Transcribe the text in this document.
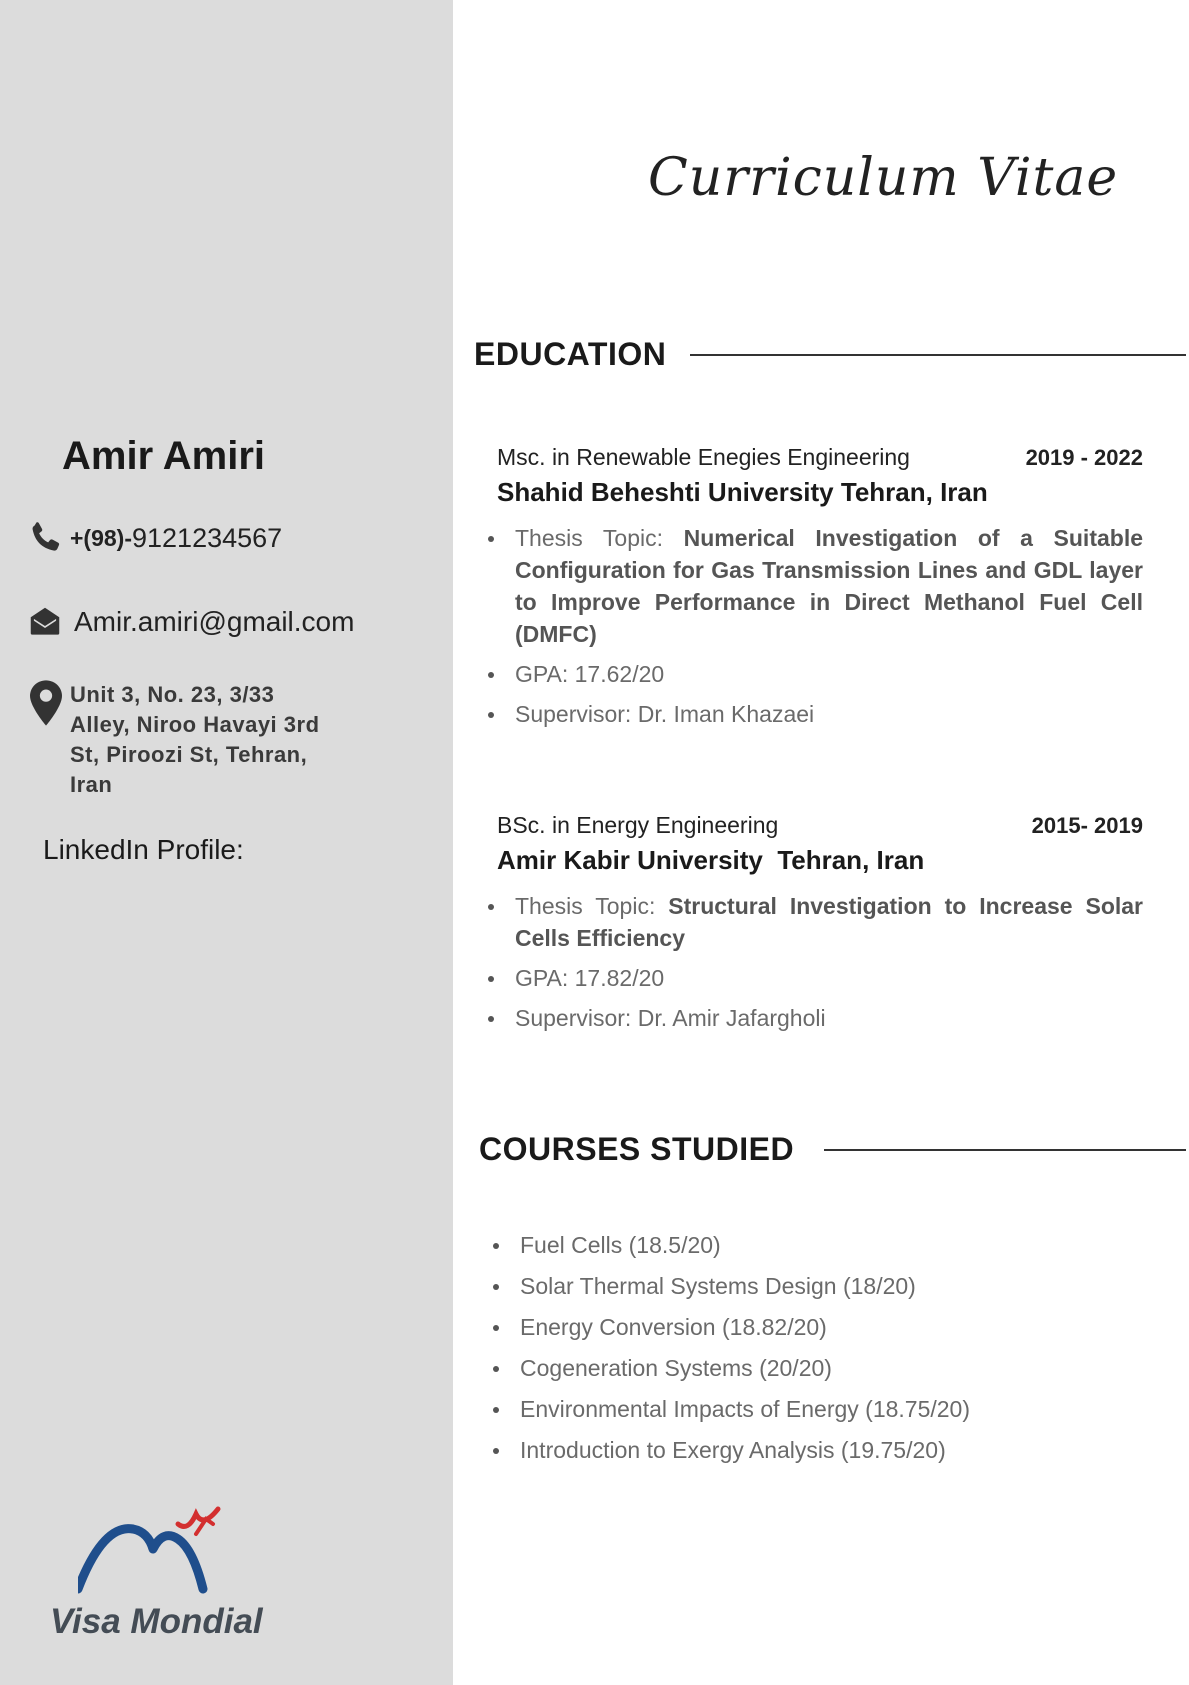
Amir Amiri
+(98)- 9121234567
Amir.amiri@gmail.com
Unit 3, No. 23, 3/33 Alley, Niroo Havayi 3rd St, Piroozi St, Tehran, Iran
LinkedIn Profile:
Visa Mondial
Curriculum Vitae
EDUCATION
Msc. in Renewable Enegies Engineering	2019 - 2022
Shahid Beheshti University Tehran, Iran
Thesis Topic: Numerical Investigation of a Suitable Configuration for Gas Transmission Lines and GDL layer to Improve Performance in Direct Methanol Fuel Cell (DMFC)
GPA: 17.62/20
Supervisor: Dr. Iman Khazaei
BSc. in Energy Engineering	2015- 2019
Amir Kabir University  Tehran, Iran
Thesis Topic: Structural Investigation to Increase Solar Cells Efficiency
GPA: 17.82/20
Supervisor: Dr. Amir Jafargholi
COURSES STUDIED
Fuel Cells (18.5/20)
Solar Thermal Systems Design (18/20)
Energy Conversion (18.82/20)
Cogeneration Systems (20/20)
Environmental Impacts of Energy (18.75/20)
Introduction to Exergy Analysis (19.75/20)
